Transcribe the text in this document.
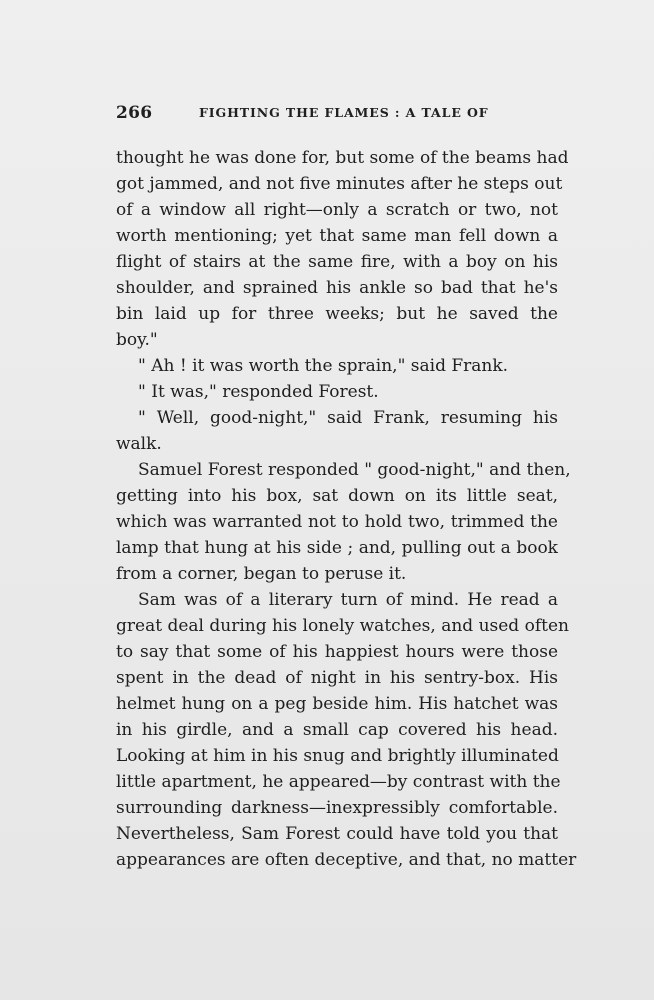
266	FIGHTING THE FLAMES : A TALE OF
thought he was done for, but some of the beams had
got jammed, and not five minutes after he steps out
of a window all right—only a scratch or two, not
worth mentioning; yet that same man fell down a
flight of stairs at the same fire, with a boy on his
shoulder, and sprained his ankle so bad that he's
bin laid up for three weeks; but he saved the
boy."
" Ah ! it was worth the sprain," said Frank.
" It was," responded Forest.
" Well, good-night," said Frank, resuming his
walk.
Samuel Forest responded " good-night," and then,
getting into his box, sat down on its little seat,
which was warranted not to hold two, trimmed the
lamp that hung at his side ; and, pulling out a book
from a corner, began to peruse it.
Sam was of a literary turn of mind. He read a
great deal during his lonely watches, and used often
to say that some of his happiest hours were those
spent in the dead of night in his sentry-box. His
helmet hung on a peg beside him. His hatchet was
in his girdle, and a small cap covered his head.
Looking at him in his snug and brightly illuminated
little apartment, he appeared—by contrast with the
surrounding darkness—inexpressibly comfortable.
Nevertheless, Sam Forest could have told you that
appearances are often deceptive, and that, no matter
